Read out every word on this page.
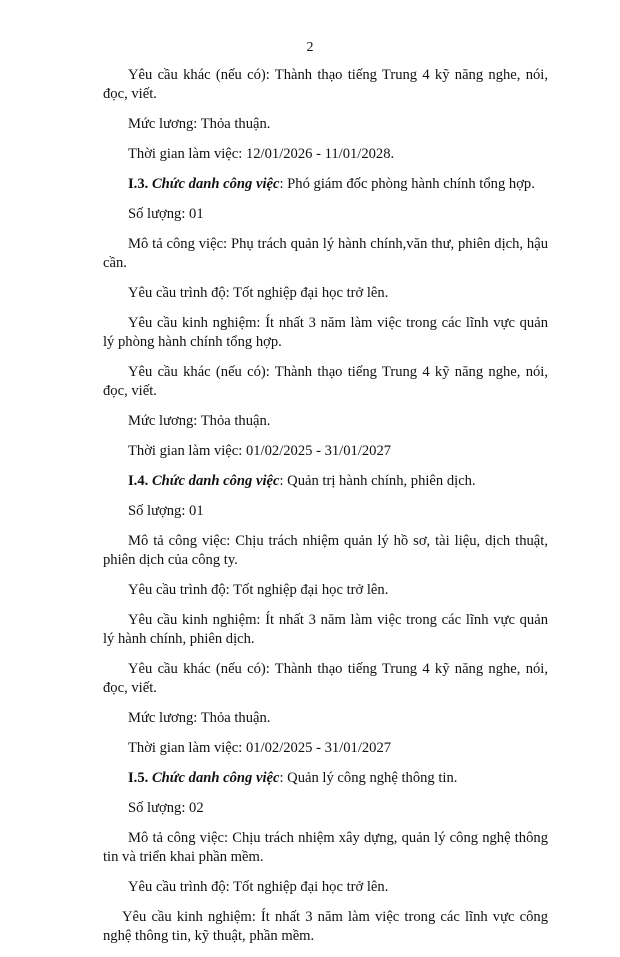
2

Yêu cầu khác (nếu có): Thành thạo tiếng Trung 4 kỹ năng nghe, nói, đọc, viết.

Mức lương: Thỏa thuận.

Thời gian làm việc: 12/01/2026 - 11/01/2028.

I.3. Chức danh công việc: Phó giám đốc phòng hành chính tổng hợp.

Số lượng: 01

Mô tả công việc: Phụ trách quản lý hành chính,văn thư, phiên dịch, hậu cần.

Yêu cầu trình độ: Tốt nghiệp đại học trở lên.

Yêu cầu kinh nghiệm: Ít nhất 3 năm làm việc trong các lĩnh vực quản lý phòng hành chính tổng hợp.

Yêu cầu khác (nếu có): Thành thạo tiếng Trung 4 kỹ năng nghe, nói, đọc, viết.

Mức lương: Thỏa thuận.

Thời gian làm việc: 01/02/2025 - 31/01/2027

I.4. Chức danh công việc: Quản trị hành chính, phiên dịch.

Số lượng: 01

Mô tả công việc: Chịu trách nhiệm quản lý hồ sơ, tài liệu, dịch thuật, phiên dịch của công ty.

Yêu cầu trình độ: Tốt nghiệp đại học trở lên.

Yêu cầu kinh nghiệm: Ít nhất 3 năm làm việc trong các lĩnh vực quản lý hành chính, phiên dịch.

Yêu cầu khác (nếu có): Thành thạo tiếng Trung 4 kỹ năng nghe, nói, đọc, viết.

Mức lương: Thỏa thuận.

Thời gian làm việc: 01/02/2025 - 31/01/2027

I.5. Chức danh công việc: Quản lý công nghệ thông tin.

Số lượng: 02

Mô tả công việc: Chịu trách nhiệm xây dựng, quản lý công nghệ thông tin và triển khai phần mềm.

Yêu cầu trình độ: Tốt nghiệp đại học trở lên.

Yêu cầu kinh nghiệm: Ít nhất 3 năm làm việc trong các lĩnh vực công nghệ thông tin, kỹ thuật, phần mềm.
